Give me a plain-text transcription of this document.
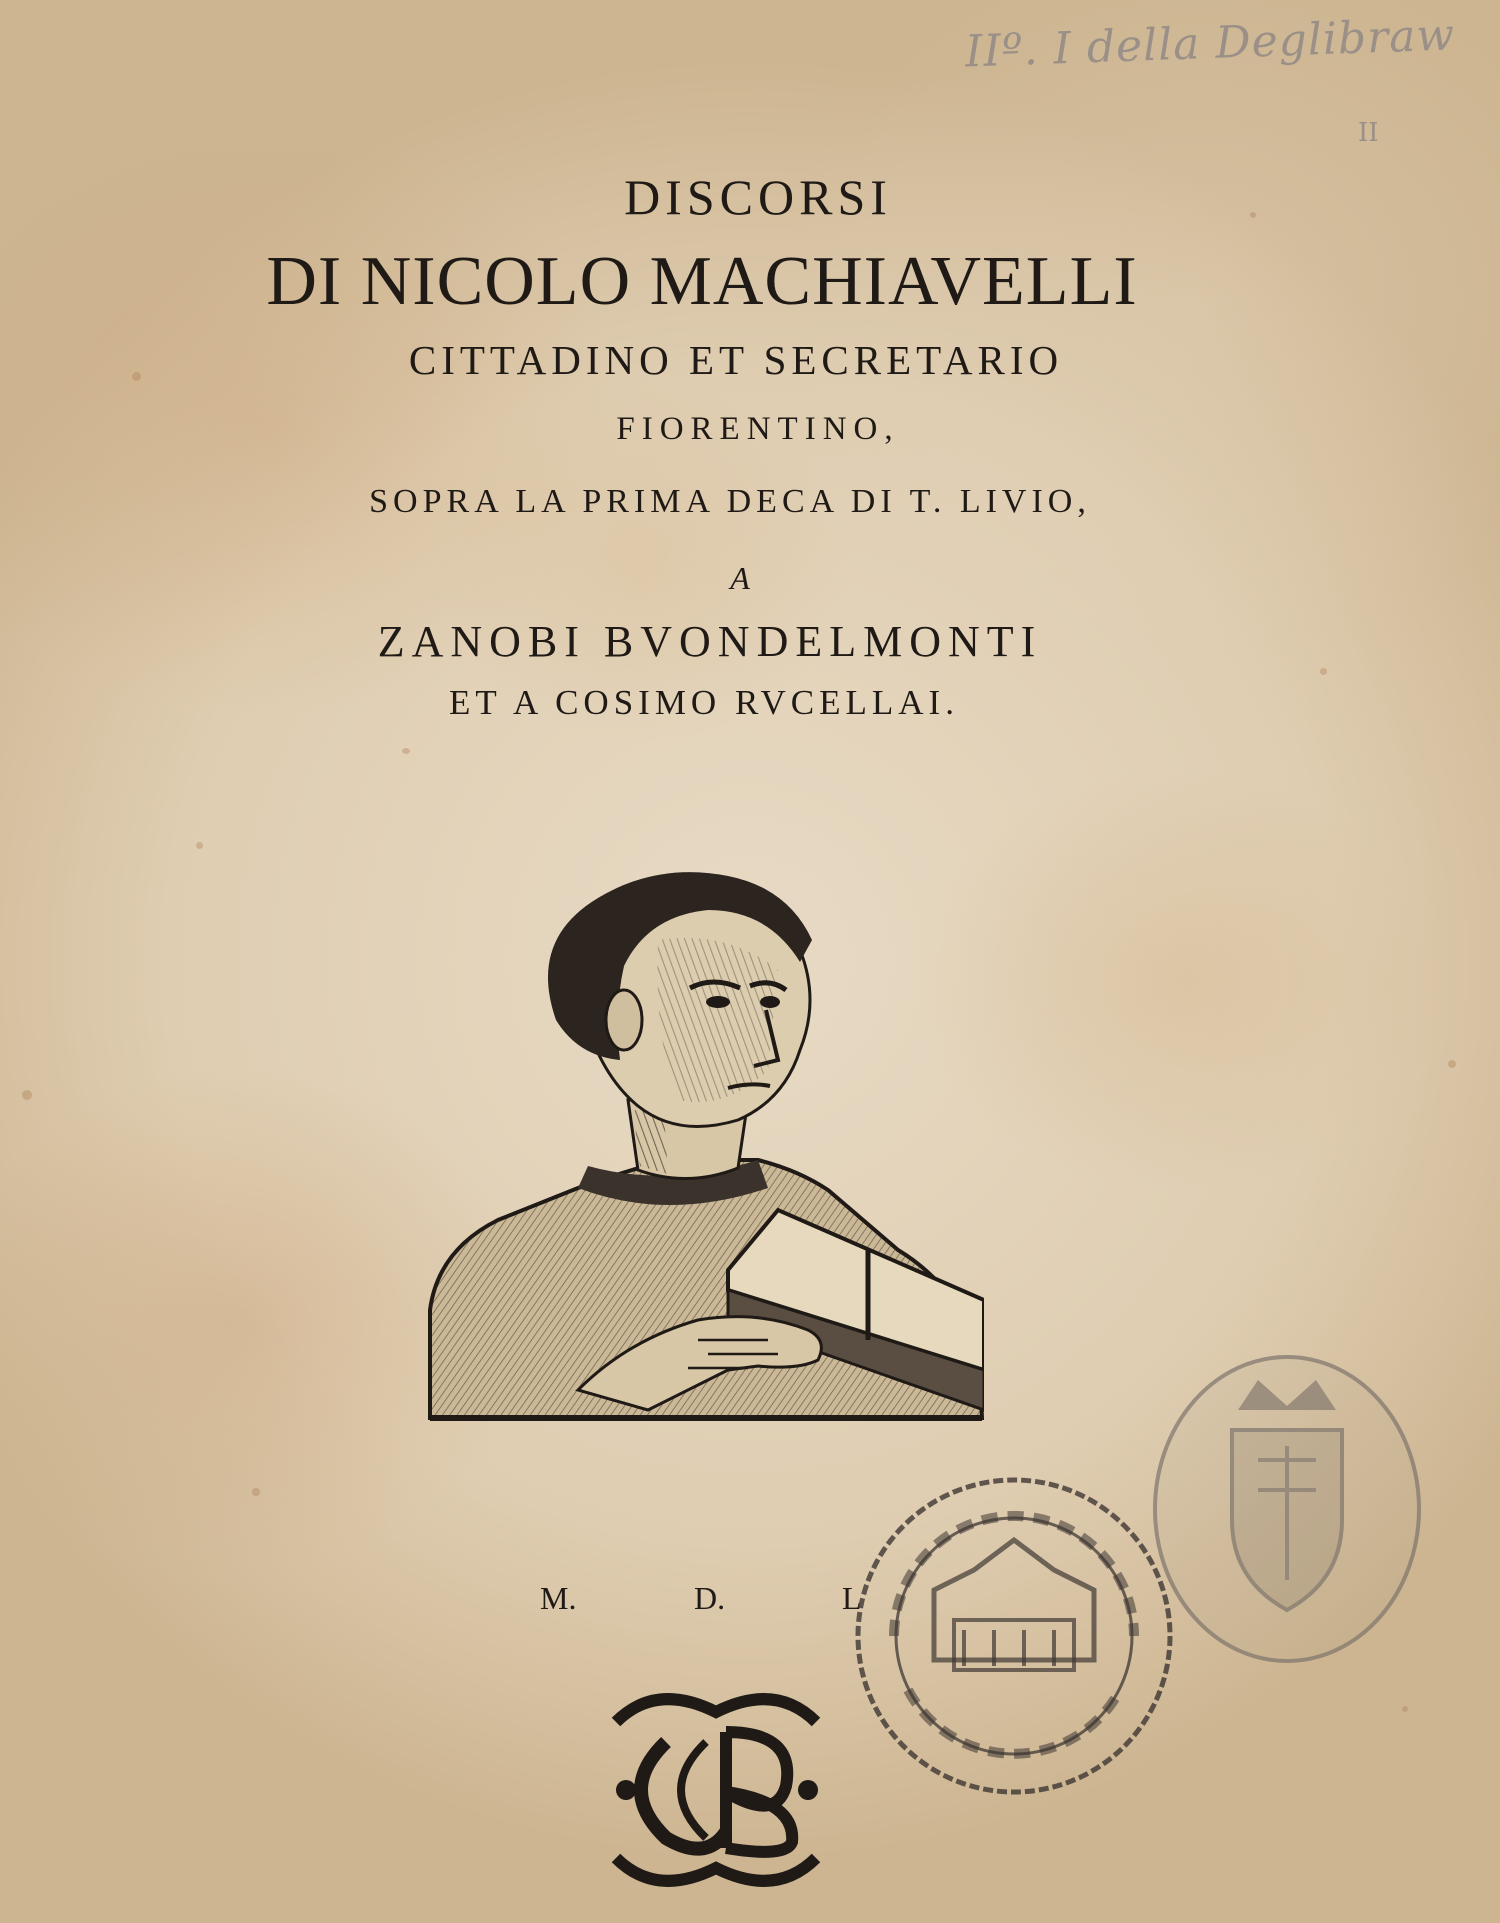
IIº. I della Deglibraw
II
DISCORSI
DI NICOLO MACHIAVELLI
CITTADINO ET SECRETARIO
FIORENTINO,
SOPRA LA PRIMA DECA DI T. LIVIO,
A
ZANOBI BVONDELMONTI
ET A COSIMO RVCELLAI.
M.	D.	L
